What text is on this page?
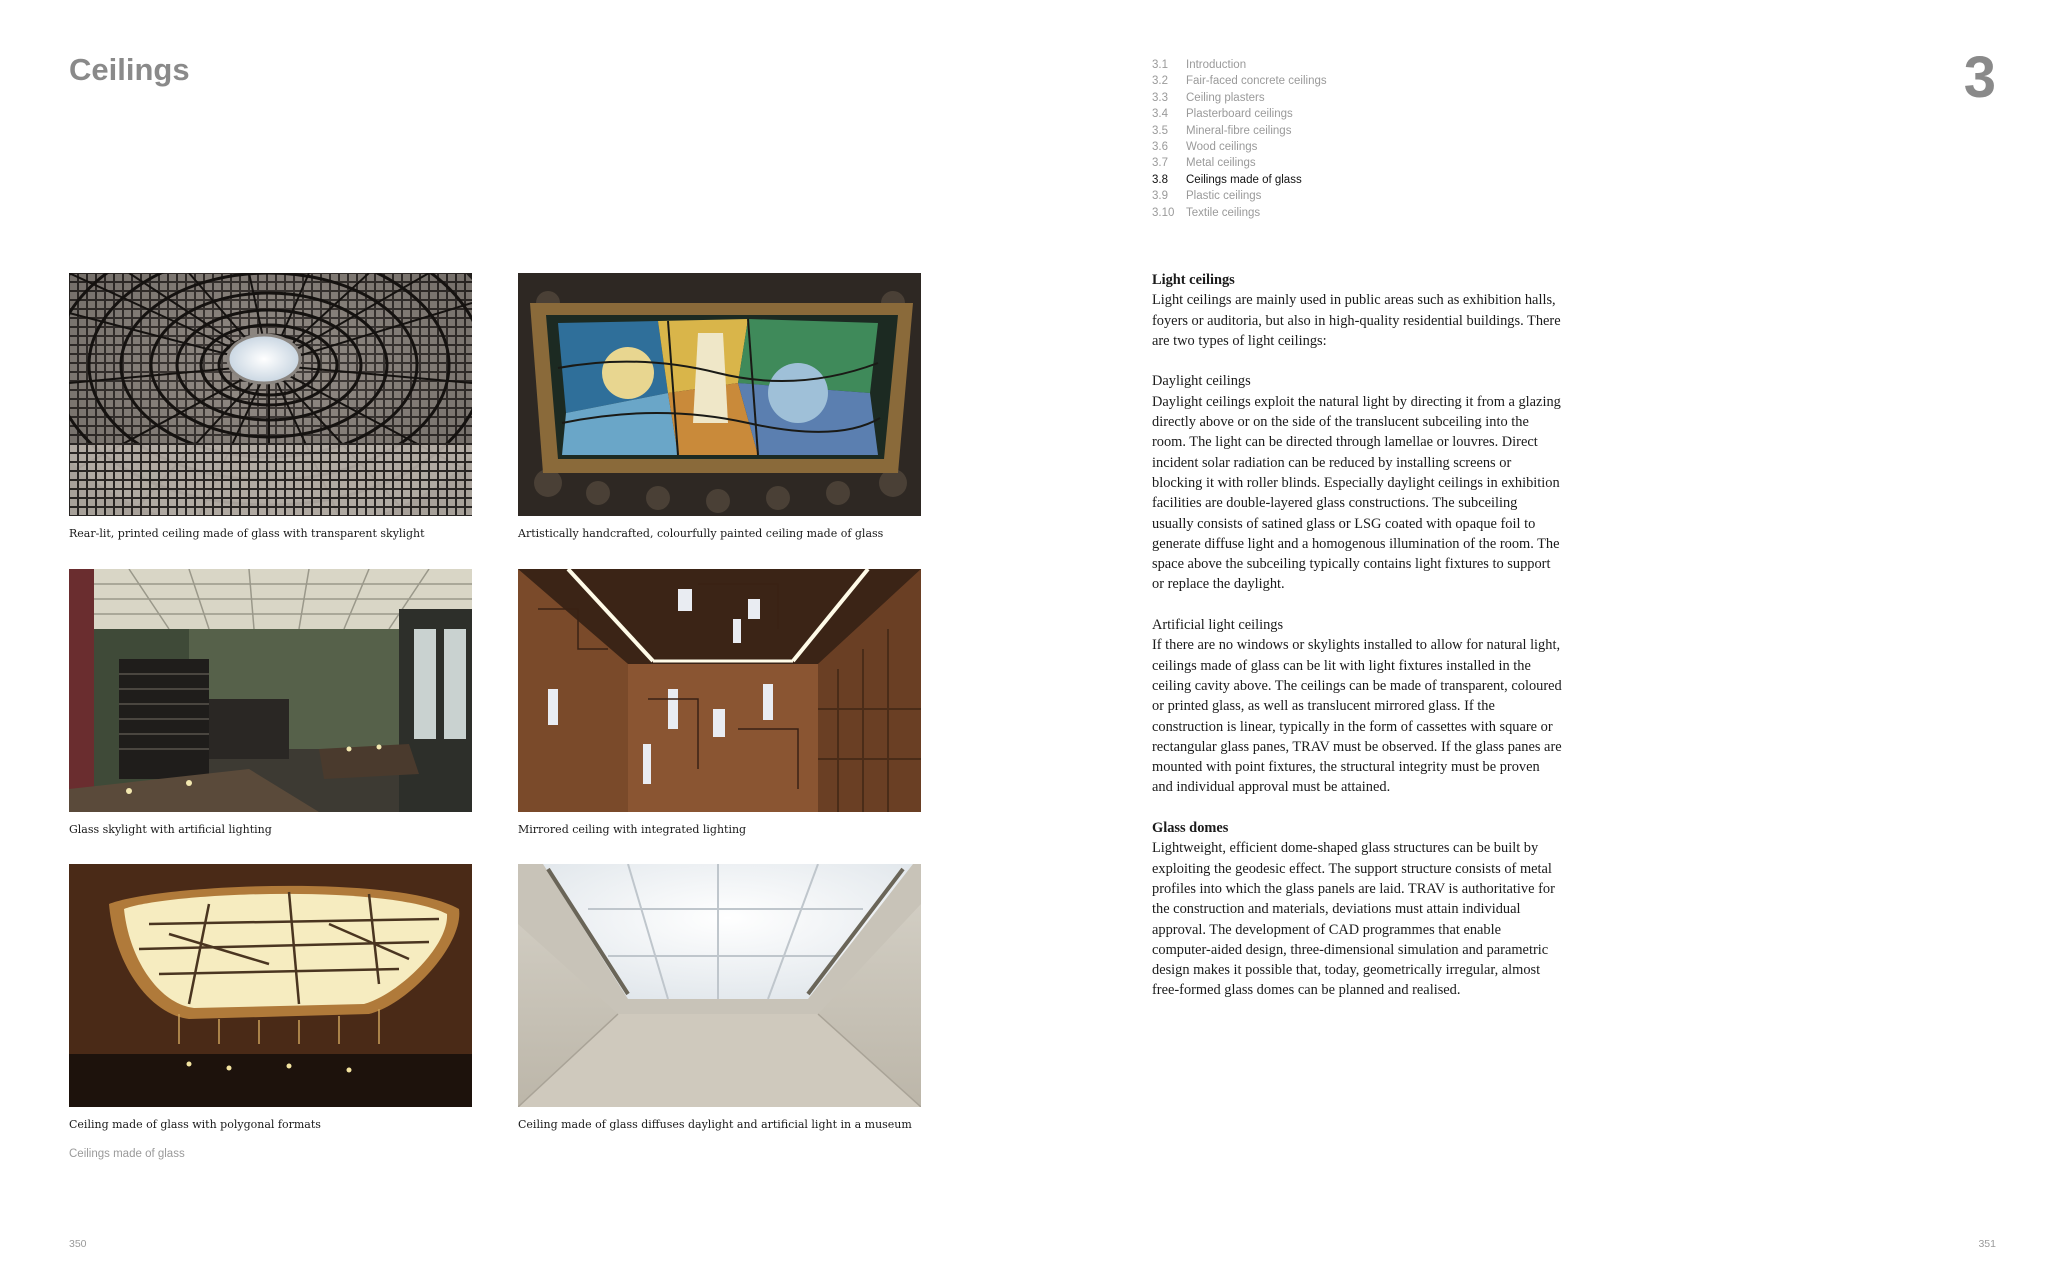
Ceilings	3
3.1	Introduction
3.2	Fair-faced concrete ceilings
3.3	Ceiling plasters
3.4	Plasterboard ceilings
3.5	Mineral-fibre ceilings
3.6	Wood ceilings
3.7	Metal ceilings
3.8	Ceilings made of glass
3.9	Plastic ceilings
3.10	Textile ceilings
Rear-lit, printed ceiling made of glass with transparent skylight	Artistically handcrafted, colourfully painted ceiling made of glass
Glass skylight with artificial lighting	Mirrored ceiling with integrated lighting
Ceiling made of glass with polygonal formats	Ceiling made of glass diffuses daylight and artificial light in a museum
Ceilings made of glass
Light ceilings

Light ceilings are mainly used in public areas such as exhibition halls, foyers or auditoria, but also in high-quality residential buildings. There are two types of light ceilings:

Daylight ceilings

Daylight ceilings exploit the natural light by directing it from a glazing directly above or on the side of the translucent subceiling into the room. The light can be directed through lamellae or louvres. Direct incident solar radiation can be reduced by installing screens or blocking it with roller blinds. Especially daylight ceilings in exhibition facilities are double-layered glass constructions. The subceiling usually consists of satined glass or LSG coated with opaque foil to generate diffuse light and a homogenous illumination of the room. The space above the subceiling typically contains light fixtures to support or replace the daylight.

Artificial light ceilings

If there are no windows or skylights installed to allow for natural light, ceilings made of glass can be lit with light fixtures installed in the ceiling cavity above. The ceilings can be made of transparent, coloured or printed glass, as well as translucent mirrored glass. If the construction is linear, typically in the form of cassettes with square or rectangular glass panes, TRAV must be observed. If the glass panes are mounted with point fixtures, the structural integrity must be proven and individual approval must be attained.

Glass domes

Lightweight, efficient dome-shaped glass structures can be built by exploiting the geodesic effect. The support structure consists of metal profiles into which the glass panels are laid. TRAV is authoritative for the construction and materials, deviations must attain individual approval. The development of CAD programmes that enable computer-aided design, three-dimensional simulation and parametric design makes it possible that, today, geometrically irregular, almost free-formed glass domes can be planned and realised.

350	351
